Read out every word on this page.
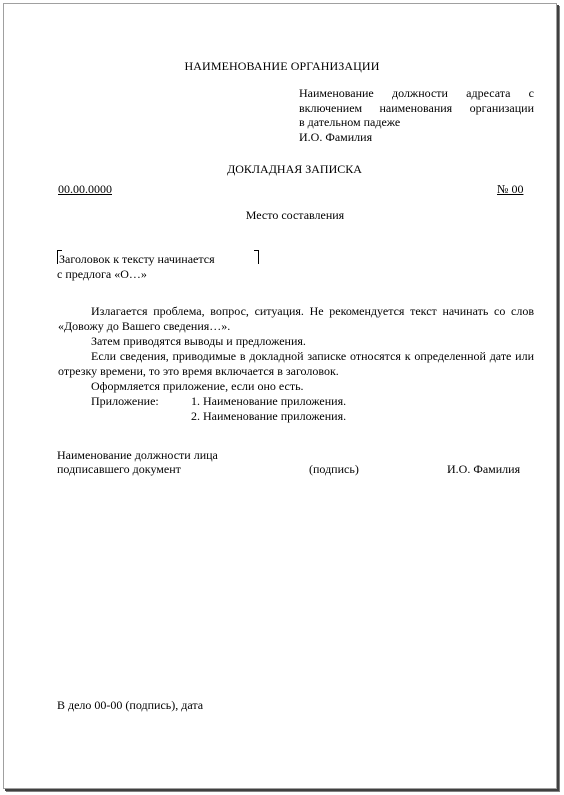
НАИМЕНОВАНИЕ ОРГАНИЗАЦИИ
Наименование должности адресата с
включением наименования организации
в дательном падеже
И.О. Фамилия
ДОКЛАДНАЯ ЗАПИСКА
00.00.0000	№ 00
Место составления
Заголовок к тексту начинается
с предлога «О…»

Излагается проблема, вопрос, ситуация. Не рекомендуется текст начинать со слов «Довожу до Вашего сведения…».

Затем приводятся выводы и предложения.

Если сведения, приводимые в докладной записке относятся к определенной дате или отрезку времени, то это время включается в заголовок.

Оформляется приложение, если оно есть.

Приложение:	1. Наименование приложения.
2. Наименование приложения.
Наименование должности лица
подписавшего документ	(подпись)	И.О. Фамилия
В дело 00-00 (подпись), дата
